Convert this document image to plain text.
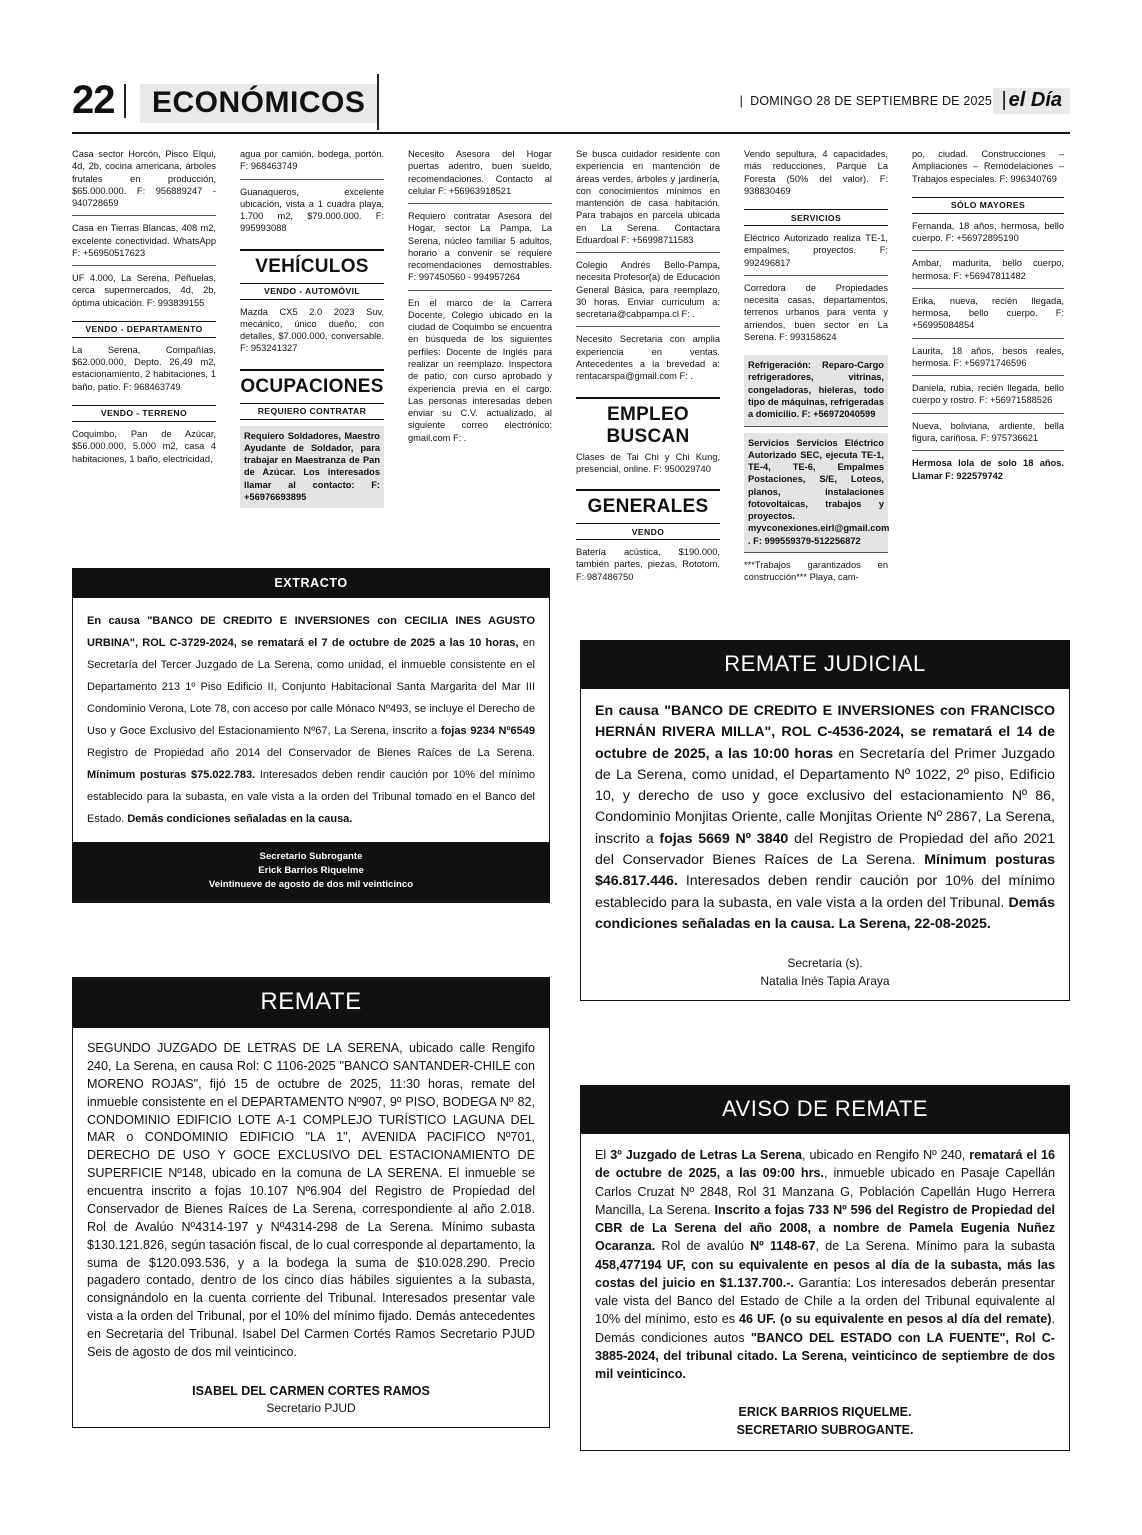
22	ECONÓMICOS	| DOMINGO 28 DE SEPTIEMBRE DE 2025 | el Día
Casa sector Horcón, Pisco Elqui, 4d, 2b, cocina americana, árboles frutales en producción, $65.000.000. F: 956889247 - 940728659
Casa en Tierras Blancas, 408 m2, excelente conectividad. WhatsApp F: +56950517623
UF 4.000, La Serena, Peñuelas, cerca supermercados, 4d, 2b, óptima ubicación. F: 993839155
VENDO - DEPARTAMENTO
La Serena, Compañías, $62.000.000, Depto. 26,49 m2, estacionamiento, 2 habitaciones, 1 baño, patio. F: 968463749
VENDO - TERRENO
Coquimbo, Pan de Azúcar, $56.000.000, 5.000 m2, casa 4 habitaciones, 1 baño, electricidad,
agua por camión, bodega, portón. F: 968463749
Guanaqueros, excelente ubicación, vista a 1 cuadra playa, 1.700 m2, $79.000.000. F: 995993088
VEHÍCULOS
VENDO - AUTOMÓVIL
Mazda CX5 2.0 2023 Suv, mecánico, único dueño, con detalles, $7.000.000, conversable. F: 953241327
OCUPACIONES
REQUIERO CONTRATAR
Requiero Soldadores, Maestro Ayudante de Soldador, para trabajar en Maestranza de Pan de Azúcar. Los interesados llamar al contacto: F: +56976693895
Necesito Asesora del Hogar puertas adentro, buen sueldo, recomendaciones. Contacto al celular F: +56963918521
Requiero contratar Asesora del Hogar, sector La Pampa, La Serena, núcleo familiar 5 adultos, horario a convenir se requiere recomendaciones demostrables. F: 997450560 - 994957264
En el marco de la Carrera Docente, Colegio ubicado en la ciudad de Coquimbo se encuentra en búsqueda de los siguientes perfiles: Docente de Inglés para realizar un reemplazo. Inspectora de patio, con curso aprobado y experiencia previa en el cargo. Las personas interesadas deben enviar su C.V. actualizado, al siguiente correo electrónico: gmail.com F: .
Se busca cuidador residente con experiencia en mantención de áreas verdes, árboles y jardinería, con conocimientos mínimos en mantención de casa habitación. Para trabajos en parcela ubicada en La Serena. Contactara Eduardoal F: +56998711583
Colegio Andrés Bello-Pampa, necesita Profesor(a) de Educación General Básica, para reemplazo, 30 horas. Enviar curriculum a: secretaria@cabpampa.cl F: .
Necesito Secretaria con amplia experiencia en ventas. Antecedentes a la brevedad a: rentacarspa@gmail.com F: .
EMPLEO BUSCAN
Clases de Tai Chi y Chi Kung, presencial, online. F: 950029740
GENERALES
VENDO
Batería acústica, $190.000, también partes, piezas, Rototom. F: 987486750
Vendo sepultura, 4 capacidades, más reducciones, Parque La Foresta (50% del valor). F: 938830469
SERVICIOS
Eléctrico Autorizado realiza TE-1, empalmes, proyectos. F: 992496817
Corredora de Propiedades necesita casas, departamentos, terrenos urbanos para venta y arriendos, buen sector en La Serena. F: 993158624
Refrigeración: Reparo-Cargo refrigeradores, vitrinas, congeladoras, hieleras, todo tipo de máquinas, refrigeradas a domicilio. F: +56972040599
Servicios Servicios Eléctrico Autorizado SEC, ejecuta TE-1, TE-4, TE-6, Empalmes Postaciones, S/E, Loteos, planos, instalaciones fotovoltaicas, trabajos y proyectos. myvconexiones.eirl@gmail.com . F: 999559379-512256872
***Trabajos garantizados en construcción*** Playa, cam-
po, ciudad. Construcciones – Ampliaciones – Remodelaciones – Trabajos especiales. F: 996340769
SÓLO MAYORES
Fernanda, 18 años, hermosa, bello cuerpo. F: +56972895190
Ambar, madurita, bello cuerpo, hermosa. F: +56947811482
Erika, nueva, recién llegada, hermosa, bello cuerpo. F: +56995084854
Laurita, 18 años, besos reales, hermosa. F: +56971746596
Daniela, rubia, recién llegada, bello cuerpo y rostro. F: +56971588526
Nueva, boliviana, ardiente, bella figura, cariñosa. F: 975736621
Hermosa lola de solo 18 años. Llamar F: 922579742
EXTRACTO

En causa "BANCO DE CREDITO E INVERSIONES con CECILIA INES AGUSTO URBINA", ROL C-3729-2024, se rematará el 7 de octubre de 2025 a las 10 horas, en Secretaría del Tercer Juzgado de La Serena, como unidad, el inmueble consistente en el Departamento 213 1º Piso Edificio II, Conjunto Habitacional Santa Margarita del Mar III Condominio Verona, Lote 78, con acceso por calle Mónaco Nº493, se incluye el Derecho de Uso y Goce Exclusivo del Estacionamiento Nº67, La Serena, inscrito a fojas 9234 Nº6549 Registro de Propiedad año 2014 del Conservador de Bienes Raíces de La Serena. Mínimum posturas $75.022.783. Interesados deben rendir caución por 10% del mínimo establecido para la subasta, en vale vista a la orden del Tribunal tomado en el Banco del Estado. Demás condiciones señaladas en la causa.

Secretario Subrogante
Erick Barrios Riquelme
Veintinueve de agosto de dos mil veinticinco
REMATE

SEGUNDO JUZGADO DE LETRAS DE LA SERENA, ubicado calle Rengifo 240, La Serena, en causa Rol: C 1106-2025 "BANCO SANTANDER-CHILE con MORENO ROJAS", fijó 15 de octubre de 2025, 11:30 horas, remate del inmueble consistente en el DEPARTAMENTO Nº907, 9º PISO, BODEGA Nº 82, CONDOMINIO EDIFICIO LOTE A-1 COMPLEJO TURÍSTICO LAGUNA DEL MAR o CONDOMINIO EDIFICIO "LA 1", AVENIDA PACIFICO Nº701, DERECHO DE USO Y GOCE EXCLUSIVO DEL ESTACIONAMIENTO DE SUPERFICIE Nº148, ubicado en la comuna de LA SERENA. El inmueble se encuentra inscrito a fojas 10.107 Nº6.904 del Registro de Propiedad del Conservador de Bienes Raíces de La Serena, correspondiente al año 2.018. Rol de Avalúo Nº4314-197 y Nº4314-298 de La Serena. Mínimo subasta $130.121.826, según tasación fiscal, de lo cual corresponde al departamento, la suma de $120.093.536, y a la bodega la suma de $10.028.290. Precio pagadero contado, dentro de los cinco días hábiles siguientes a la subasta, consignándolo en la cuenta corriente del Tribunal. Interesados presentar vale vista a la orden del Tribunal, por el 10% del mínimo fijado. Demás antecedentes en Secretaria del Tribunal. Isabel Del Carmen Cortés Ramos Secretario PJUD Seis de agosto de dos mil veinticinco.

ISABEL DEL CARMEN CORTES RAMOS
Secretario PJUD
REMATE JUDICIAL

En causa "BANCO DE CREDITO E INVERSIONES con FRANCISCO HERNÁN RIVERA MILLA", ROL C-4536-2024, se rematará el 14 de octubre de 2025, a las 10:00 horas en Secretaría del Primer Juzgado de La Serena, como unidad, el Departamento Nº 1022, 2º piso, Edificio 10, y derecho de uso y goce exclusivo del estacionamiento Nº 86, Condominio Monjitas Oriente, calle Monjitas Oriente Nº 2867, La Serena, inscrito a fojas 5669 Nº 3840 del Registro de Propiedad del año 2021 del Conservador Bienes Raíces de La Serena. Mínimum posturas $46.817.446. Interesados deben rendir caución por 10% del mínimo establecido para la subasta, en vale vista a la orden del Tribunal. Demás condiciones señaladas en la causa. La Serena, 22-08-2025.

Secretaria (s).
Natalia Inés Tapia Araya
AVISO DE REMATE

El 3º Juzgado de Letras La Serena, ubicado en Rengifo Nº 240, rematará el 16 de octubre de 2025, a las 09:00 hrs., inmueble ubicado en Pasaje Capellán Carlos Cruzat Nº 2848, Rol 31 Manzana G, Población Capellán Hugo Herrera Mancilla, La Serena. Inscrito a fojas 733 Nº 596 del Registro de Propiedad del CBR de La Serena del año 2008, a nombre de Pamela Eugenia Nuñez Ocaranza. Rol de avalúo Nº 1148-67, de La Serena. Mínimo para la subasta 458,477194 UF, con su equivalente en pesos al día de la subasta, más las costas del juicio en $1.137.700.-. Garantía: Los interesados deberán presentar vale vista del Banco del Estado de Chile a la orden del Tribunal equivalente al 10% del mínimo, esto es 46 UF. (o su equivalente en pesos al día del remate). Demás condiciones autos "BANCO DEL ESTADO con LA FUENTE", Rol C-3885-2024, del tribunal citado. La Serena, veinticinco de septiembre de dos mil veinticinco.

ERICK BARRIOS RIQUELME.
SECRETARIO SUBROGANTE.
